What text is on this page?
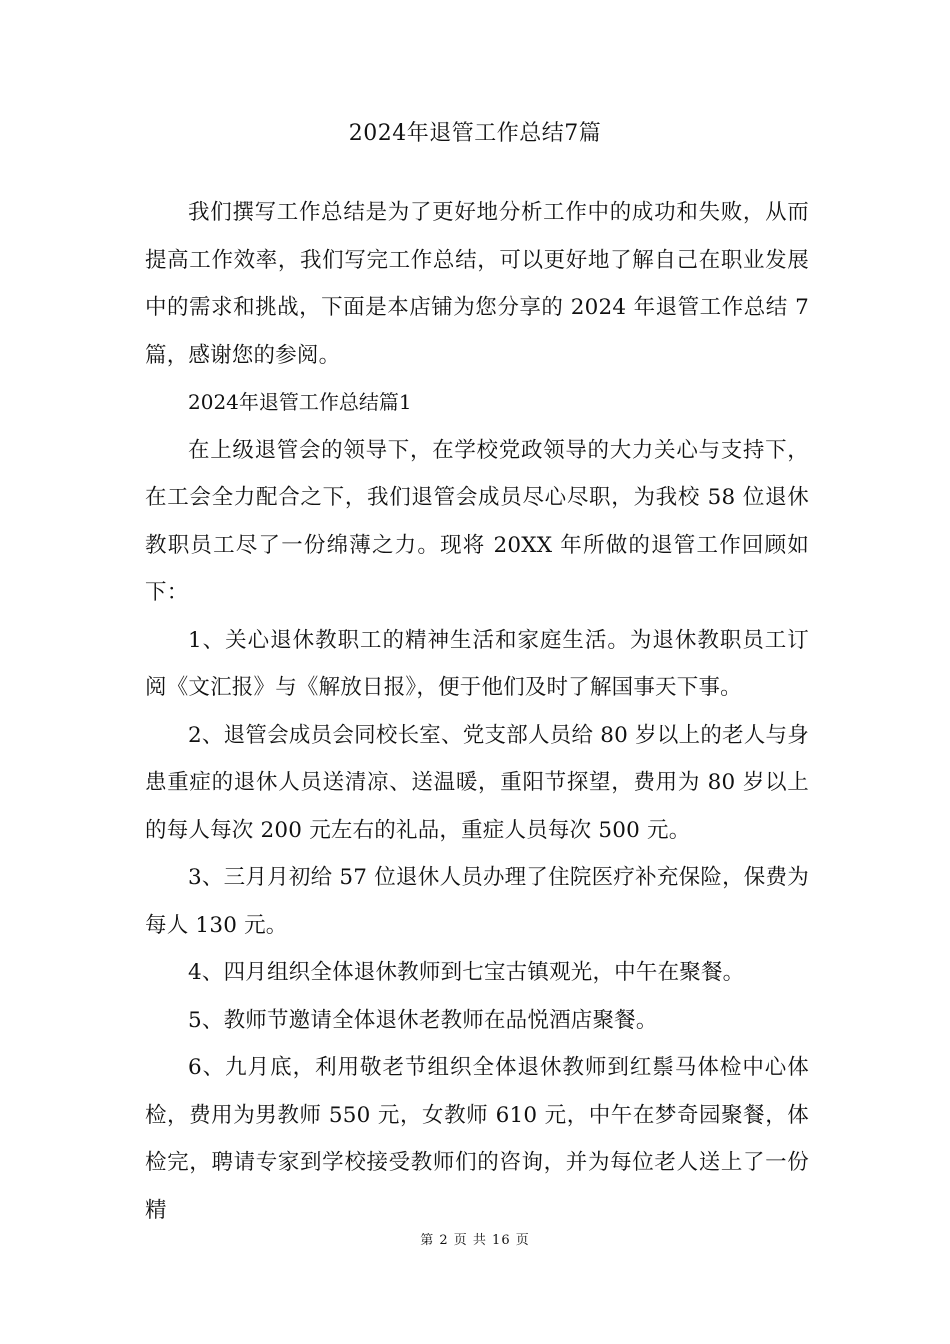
2024年退管工作总结7篇

我们撰写工作总结是为了更好地分析工作中的成功和失败，从而提高工作效率，我们写完工作总结，可以更好地了解自己在职业发展中的需求和挑战，下面是本店铺为您分享的 2024 年退管工作总结 7篇，感谢您的参阅。

2024年退管工作总结篇1

在上级退管会的领导下，在学校党政领导的大力关心与支持下，在工会全力配合之下，我们退管会成员尽心尽职，为我校 58 位退休教职员工尽了一份绵薄之力。现将 20XX 年所做的退管工作回顾如下：

1、关心退休教职工的精神生活和家庭生活。为退休教职员工订阅《文汇报》与《解放日报》，便于他们及时了解国事天下事。

2、退管会成员会同校长室、党支部人员给 80 岁以上的老人与身患重症的退休人员送清凉、送温暖，重阳节探望，费用为 80 岁以上的每人每次 200 元左右的礼品，重症人员每次 500 元。

3、三月月初给 57 位退休人员办理了住院医疗补充保险，保费为每人 130 元。

4、四月组织全体退休教师到七宝古镇观光，中午在聚餐。

5、教师节邀请全体退休老教师在品悦酒店聚餐。

6、九月底，利用敬老节组织全体退休教师到红鬃马体检中心体检，费用为男教师 550 元，女教师 610 元，中午在梦奇园聚餐，体检完，聘请专家到学校接受教师们的咨询，并为每位老人送上了一份精

第 2 页 共 16 页
